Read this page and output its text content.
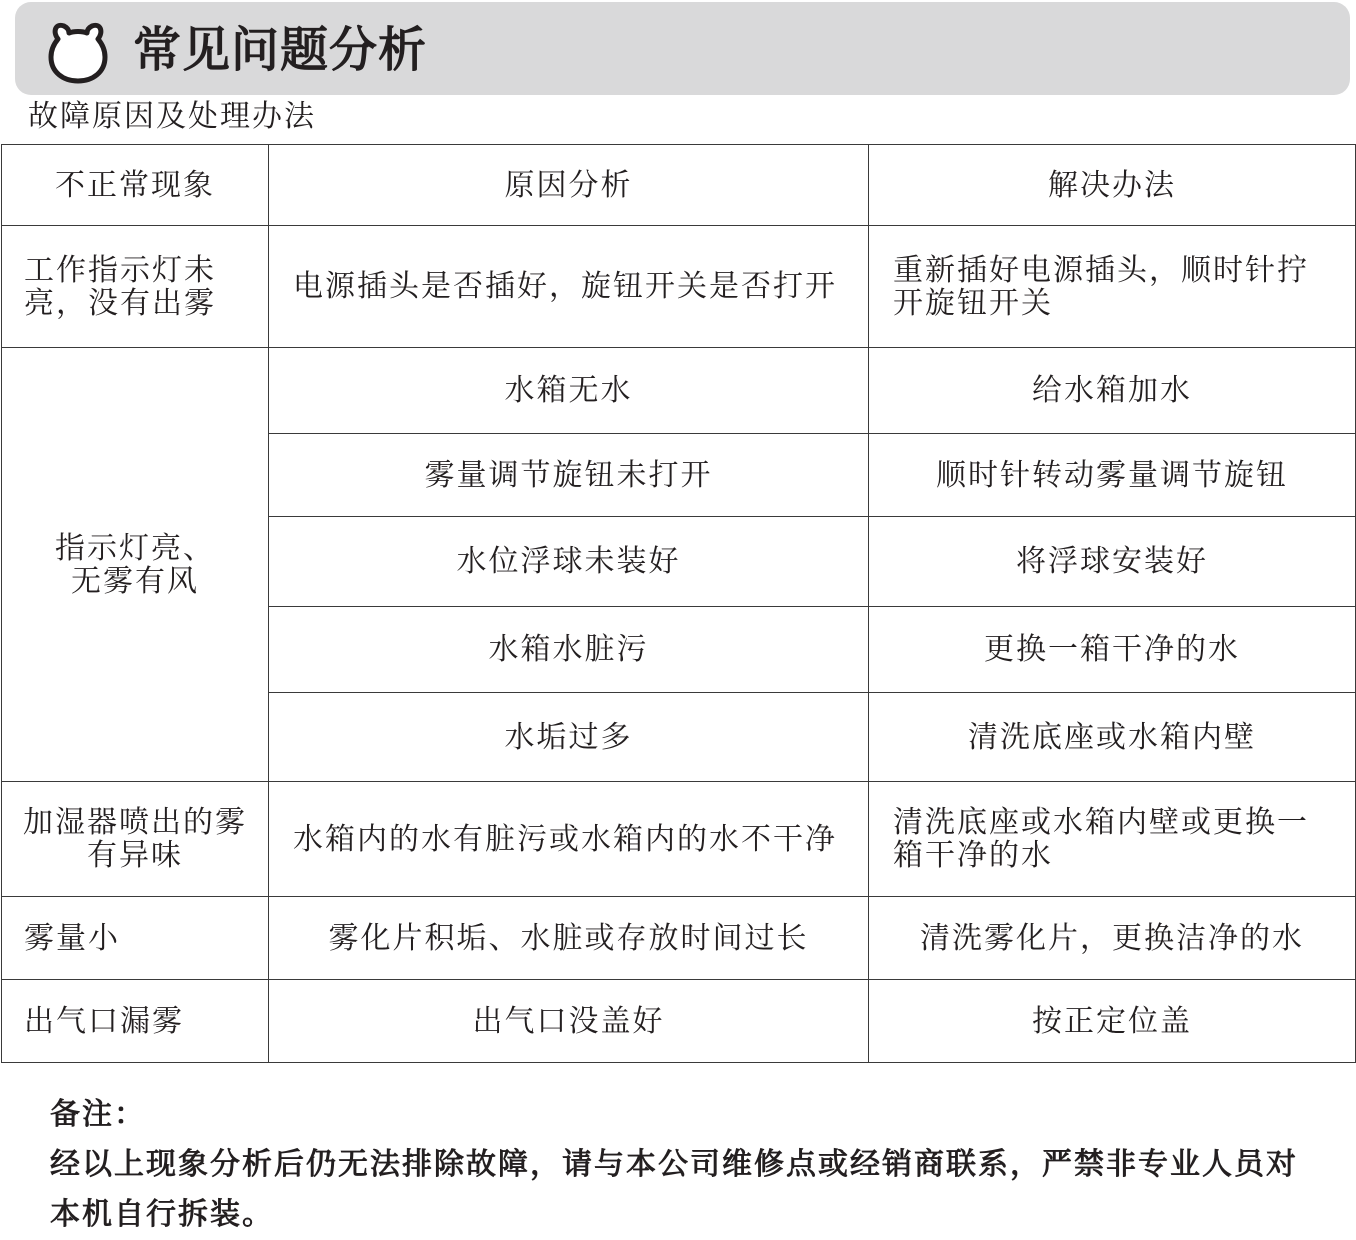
常见问题分析
故障原因及处理办法
不正常现象	原因分析	解决办法
工作指示灯未亮，没有出雾	电源插头是否插好，旋钮开关是否打开	重新插好电源插头，顺时针拧开旋钮开关
指示灯亮、无雾有风	水箱无水	给水箱加水
	雾量调节旋钮未打开	顺时针转动雾量调节旋钮
	水位浮球未装好	将浮球安装好
	水箱水脏污	更换一箱干净的水
	水垢过多	清洗底座或水箱内壁
加湿器喷出的雾有异味	水箱内的水有脏污或水箱内的水不干净	清洗底座或水箱内壁或更换一箱干净的水
雾量小	雾化片积垢、水脏或存放时间过长	清洗雾化片，更换洁净的水
出气口漏雾	出气口没盖好	按正定位盖
备注：
经以上现象分析后仍无法排除故障，请与本公司维修点或经销商联系，严禁非专业人员对本机自行拆装。
